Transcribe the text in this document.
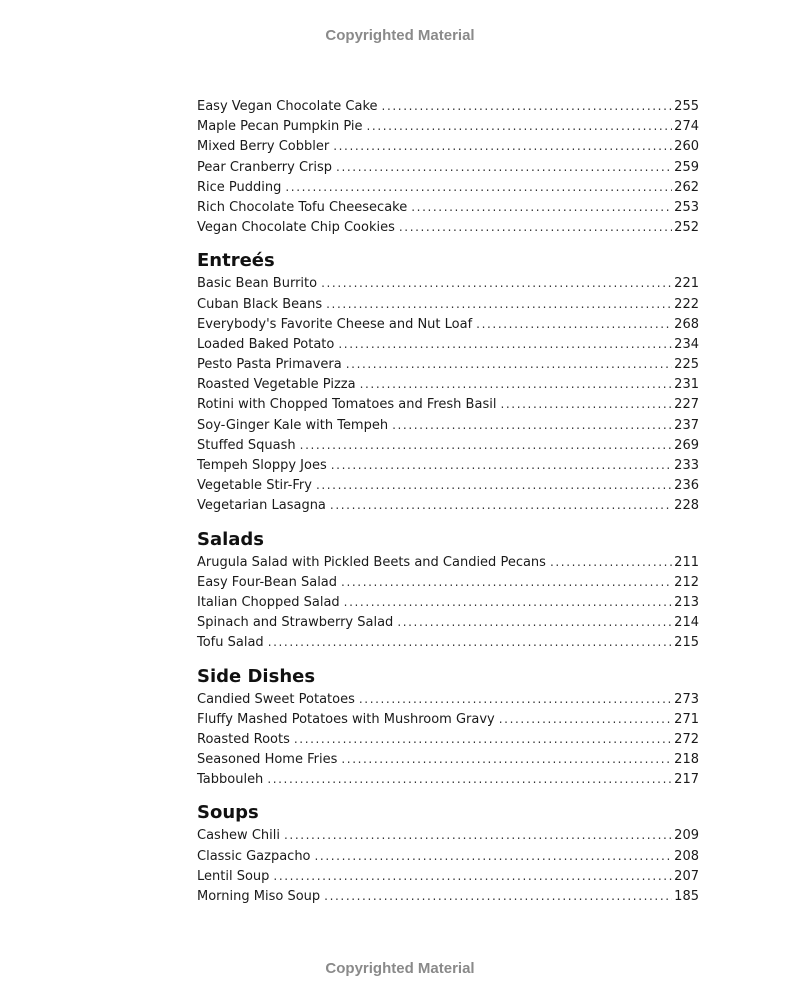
Copyrighted Material
Easy Vegan Chocolate Cake .....	255
Maple Pecan Pumpkin Pie .....	274
Mixed Berry Cobbler .....	260
Pear Cranberry Crisp .....	259
Rice Pudding .....	262
Rich Chocolate Tofu Cheesecake .....	253
Vegan Chocolate Chip Cookies .....	252
Entreés
Basic Bean Burrito .....	221
Cuban Black Beans .....	222
Everybody's Favorite Cheese and Nut Loaf .....	268
Loaded Baked Potato .....	234
Pesto Pasta Primavera .....	225
Roasted Vegetable Pizza .....	231
Rotini with Chopped Tomatoes and Fresh Basil .....	227
Soy-Ginger Kale with Tempeh .....	237
Stuffed Squash .....	269
Tempeh Sloppy Joes .....	233
Vegetable Stir-Fry .....	236
Vegetarian Lasagna .....	228
Salads
Arugula Salad with Pickled Beets and Candied Pecans .....	211
Easy Four-Bean Salad .....	212
Italian Chopped Salad .....	213
Spinach and Strawberry Salad .....	214
Tofu Salad .....	215
Side Dishes
Candied Sweet Potatoes .....	273
Fluffy Mashed Potatoes with Mushroom Gravy .....	271
Roasted Roots .....	272
Seasoned Home Fries .....	218
Tabbouleh .....	217
Soups
Cashew Chili .....	209
Classic Gazpacho .....	208
Lentil Soup .....	207
Morning Miso Soup .....	185
Copyrighted Material
